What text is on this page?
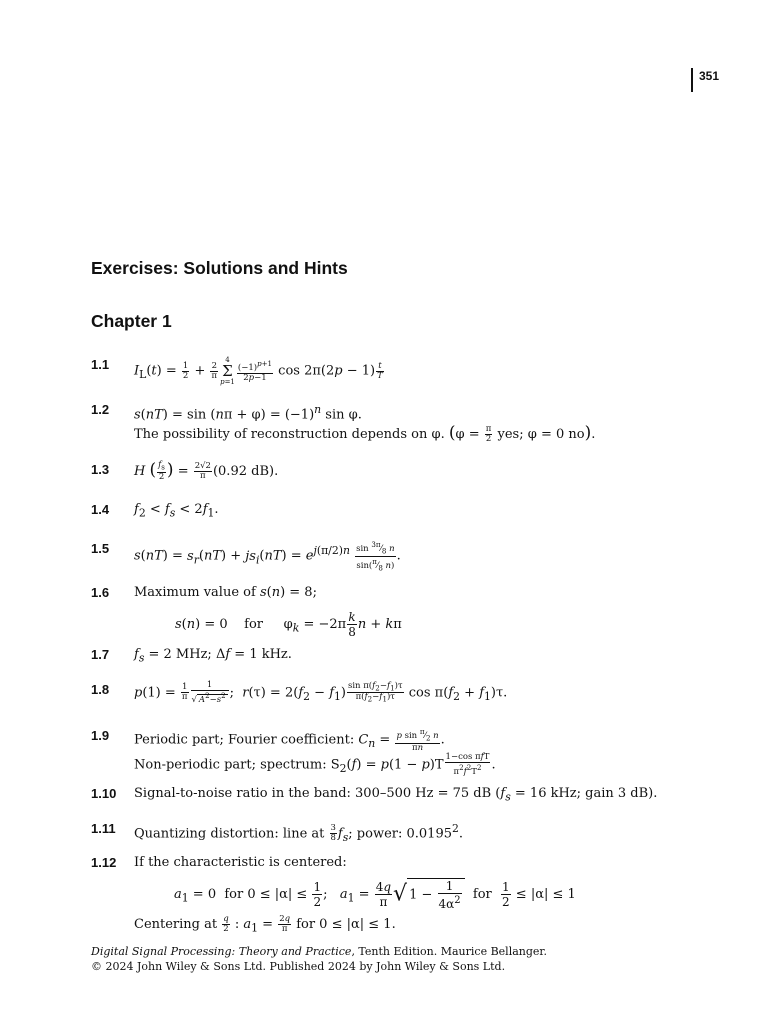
351
Exercises: Solutions and Hints
Chapter 1
1.1	$I_L(t) = \frac{1}{2} + \frac{2}{\pi}$
4
Σ
$p=1 \frac{(-1)^{p+1}}{2p-1}$ $\cos 2\pi(2p - 1) \frac{t}{T}$
1.2	$s(nT) = \sin (n\pi + \varphi) = (-1)^n$ sin φ.
The possibility of reconstruction depends on φ. ($\varphi = \frac{\pi}{2}$ yes; φ = 0 no).
1.3	H ( $\frac{f_s}{2}$ ) = $\frac{2√2}{\pi} (0.92$ dB).
1.4	$f_2 < f_s < 2f_1$.
1.5
$s(nT) = s_r(nT) + js_i(nT) = e^{j(\pi/2)n} \frac{\sin ^{3\pi}⁄_8 n}{\sin(^\pi⁄_8 n)}$ .
1.6	Maximum value of s(n) = 8;
s(n) = 0    for     $\varphi_k = -2\pi \frac{k}{8}$ n + kπ
1.7	$f_s = 2$ MHz; Δf = 1 kHz.
1.8	$p(1) = \frac{1}{\pi} \frac{1}{√ A^2-s^2}$ ;  $r(\tau) = 2(f_2 - f_1) \frac{\sin \pi(f_2-f_1)\tau}{\pi(f_2-f_1)\tau}$ $\cos \pi(f_2 + f_1)\tau$.
1.9	Periodic part; Fourier coefficient: $C_n = \frac{p \sin ^\pi⁄_2 n}{\pi n}$ .
Non-periodic part; spectrum: $S_2(f) = p(1 - p)T \frac{\text{1−cos πfT}}{\pi^2f^2T^2}$ .
1.10	Signal-to-noise ratio in the band: 300–500 Hz = 75 dB ($f_s = 16$ kHz; gain 3 dB).
1.11	Quantizing distortion: line at $\frac{3}{8} f_s$; power: 0.0195$^2$.
1.12	If the characteristic is centered:
$a_1 = 0$  for $0 \le |\alpha| \le \frac{1}{2}$ ;   $a_1 = \frac{4q}{\pi}$ √ $1 - \frac{1}{4\alpha^2}$ for $\frac{1}{2} \le |\alpha| \le 1$
Centering at $\frac{q}{2}$ : $a_1 = \frac{2q}{\pi}$ for 0 ≤ |α| ≤ 1.
Digital Signal Processing: Theory and Practice, Tenth Edition. Maurice Bellanger.
© 2024 John Wiley & Sons Ltd. Published 2024 by John Wiley & Sons Ltd.
